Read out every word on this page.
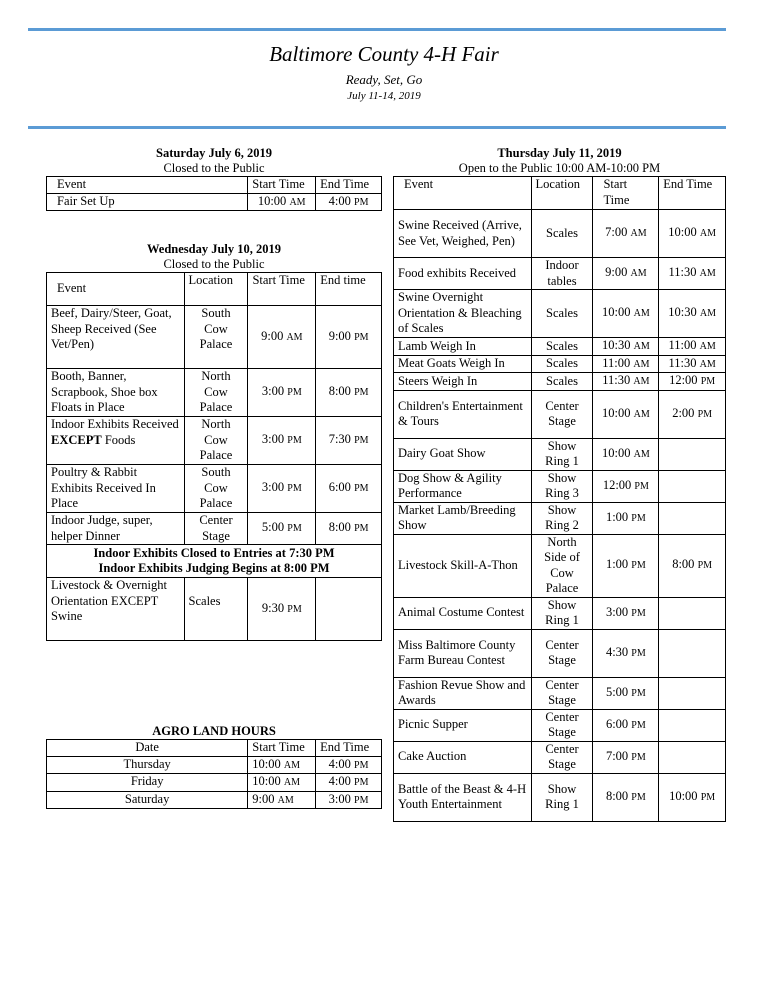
Baltimore County 4-H Fair
Ready, Set, Go
July 11-14, 2019
Saturday July 6, 2019
Closed to the Public
Event	Start Time	End Time
Fair Set Up	10:00 AM	4:00 PM
Wednesday July 10, 2019
Closed to the Public
Event	Location	Start Time	End time
Beef, Dairy/Steer, Goat, Sheep Received (See Vet/Pen)	South Cow Palace	9:00 AM	9:00 PM
Booth, Banner, Scrapbook, Shoe box Floats in Place	North Cow Palace	3:00 PM	8:00 PM
Indoor Exhibits Received EXCEPT Foods	North Cow Palace	3:00 PM	7:30 PM
Poultry & Rabbit Exhibits Received In Place	South Cow Palace	3:00 PM	6:00 PM
Indoor Judge, super, helper Dinner	Center Stage	5:00 PM	8:00 PM
Indoor Exhibits Closed to Entries at 7:30 PM
Indoor Exhibits Judging Begins at 8:00 PM			
Livestock & Overnight Orientation EXCEPT Swine	Scales	9:30 PM	
AGRO LAND HOURS
Date	Start Time	End Time
Thursday	10:00 AM	4:00 PM
Friday	10:00 AM	4:00 PM
Saturday	9:00 AM	3:00 PM
Thursday July 11, 2019
Open to the Public 10:00 AM-10:00 PM
Event	Location	Start Time	End Time
Swine Received (Arrive, See Vet, Weighed, Pen)	Scales	7:00 AM	10:00 AM
Food exhibits Received	Indoor tables	9:00 AM	11:30 AM
Swine Overnight Orientation & Bleaching of Scales	Scales	10:00 AM	10:30 AM
Lamb Weigh In	Scales	10:30 AM	11:00 AM
Meat Goats Weigh In	Scales	11:00 AM	11:30 AM
Steers Weigh In	Scales	11:30 AM	12:00 PM
Children's Entertainment & Tours	Center Stage	10:00 AM	2:00 PM
Dairy Goat Show	Show Ring 1	10:00 AM	
Dog Show & Agility Performance	Show Ring 3	12:00 PM	
Market Lamb/Breeding Show	Show Ring 2	1:00 PM	
Livestock Skill-A-Thon	North Side of Cow Palace	1:00 PM	8:00 PM
Animal Costume Contest	Show Ring 1	3:00 PM	
Miss Baltimore County Farm Bureau Contest	Center Stage	4:30 PM	
Fashion Revue Show and Awards	Center Stage	5:00 PM	
Picnic Supper	Center Stage	6:00 PM	
Cake Auction	Center Stage	7:00 PM	
Battle of the Beast & 4-H Youth Entertainment	Show Ring 1	8:00 PM	10:00 PM
